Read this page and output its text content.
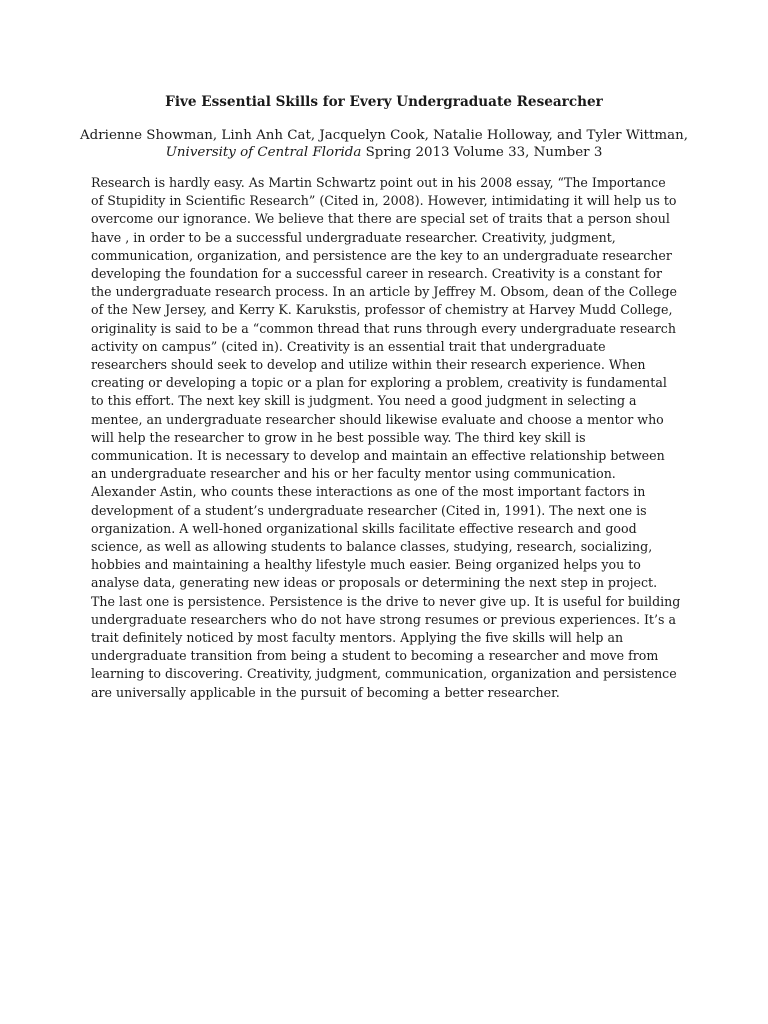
Five Essential Skills for Every Undergraduate Researcher
Adrienne Showman, Linh Anh Cat, Jacquelyn Cook, Natalie Holloway, and Tyler Wittman,
University of Central Florida Spring 2013 Volume 33, Number 3
Research is hardly easy. As Martin Schwartz point out in his 2008 essay, “The Importance
of Stupidity in Scientific Research” (Cited in, 2008). However, intimidating it will help us to
overcome our ignorance. We believe that there are special set of traits that a person shoul
have , in order to be a successful undergraduate researcher. Creativity, judgment,
communication, organization, and persistence are the key to an undergraduate researcher
developing the foundation for a successful career in research. Creativity is a constant for
the undergraduate research process. In an article by Jeffrey M. Obsom, dean of the College
of the New Jersey, and Kerry K. Karukstis, professor of chemistry at Harvey Mudd College,
originality is said to be a “common thread that runs through every undergraduate research
activity on campus” (cited in). Creativity is an essential trait that undergraduate
researchers should seek to develop and utilize within their research experience. When
creating or developing a topic or a plan for exploring a problem, creativity is fundamental
to this effort. The next key skill is judgment. You need a good judgment in selecting a
mentee, an undergraduate researcher should likewise evaluate and choose a mentor who
will help the researcher to grow in he best possible way. The third key skill is
communication. It is necessary to develop and maintain an effective relationship between
an undergraduate researcher and his or her faculty mentor using communication.
Alexander Astin, who counts these interactions as one of the most important factors in
development of a student’s undergraduate researcher (Cited in, 1991). The next one is
organization. A well-honed organizational skills facilitate effective research and good
science, as well as allowing students to balance classes, studying, research, socializing,
hobbies and maintaining a healthy lifestyle much easier. Being organized helps you to
analyse data, generating new ideas or proposals or determining the next step in project.
The last one is persistence. Persistence is the drive to never give up. It is useful for building
undergraduate researchers who do not have strong resumes or previous experiences. It’s a
trait definitely noticed by most faculty mentors. Applying the five skills will help an
undergraduate transition from being a student to becoming a researcher and move from
learning to discovering. Creativity, judgment, communication, organization and persistence
are universally applicable in the pursuit of becoming a better researcher.
